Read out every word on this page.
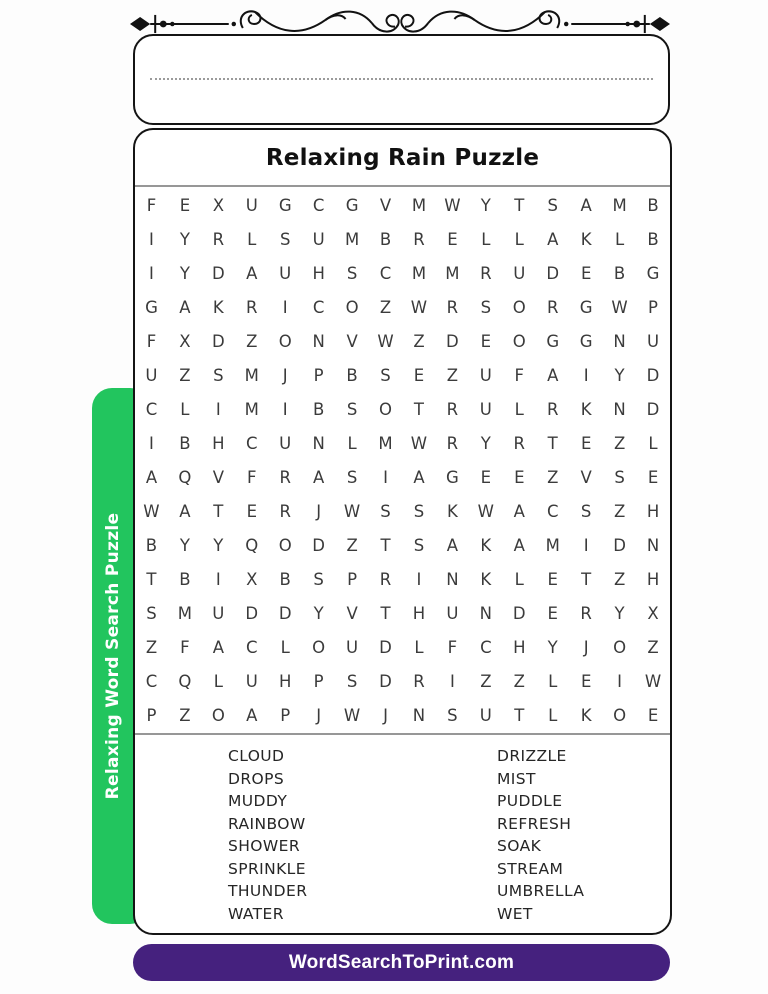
Relaxing Rain Puzzle
F E X U G C G V M W Y T S A M B
I Y R L S U M B R E L L A K L B
I Y D A U H S C M M R U D E B G
G A K R I C O Z W R S O R G W P
F X D Z O N V W Z D E O G G N U
U Z S M J P B S E Z U F A I Y D
C L I M I B S O T R U L R K N D
I B H C U N L M W R Y R T E Z L
A Q V F R A S I A G E E Z V S E
W A T E R J W S S K W A C S Z H
B Y Y Q O D Z T S A K A M I D N
T B I X B S P R I N K L E T Z H
S M U D D Y V T H U N D E R Y X
Z F A C L O U D L F C H Y J O Z
C Q L U H P S D R I Z Z L E I W
P Z O A P J W J N S U T L K O E
CLOUD
DROPS
MUDDY
RAINBOW
SHOWER
SPRINKLE
THUNDER
WATER
DRIZZLE
MIST
PUDDLE
REFRESH
SOAK
STREAM
UMBRELLA
WET
Relaxing Word Search Puzzle
WordSearchToPrint.com
